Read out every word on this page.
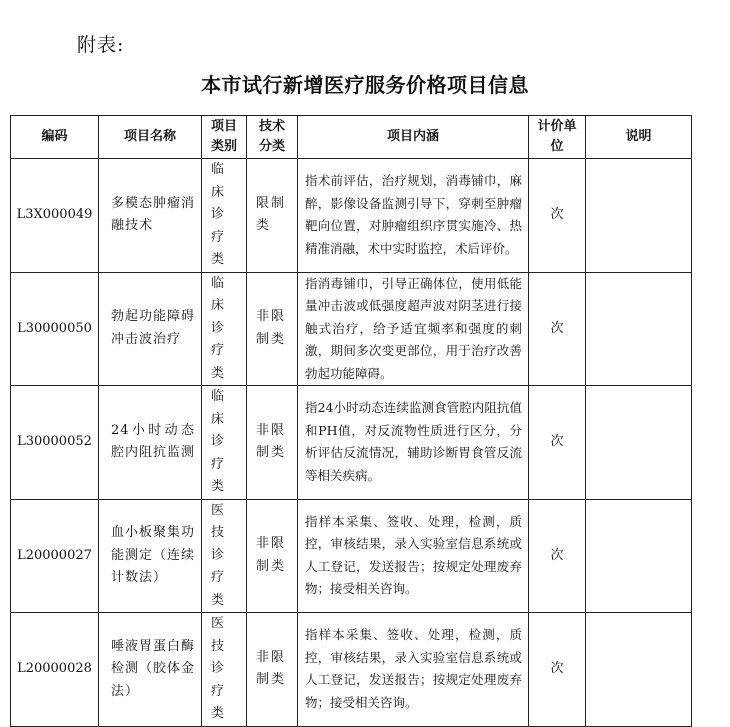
附表:
本市试行新增医疗服务价格项目信息
编码	项目名称	项目类别	技术分类	项目内涵	计价单位	说明
L3X000049	多模态肿瘤消融技术	临床诊疗类	限制类	指术前评估，治疗规划，消毒铺巾，麻醉，影像设备监测引导下，穿刺至肿瘤靶向位置，对肿瘤组织序贯实施冷、热精准消融，术中实时监控，术后评价。	次	
L30000050	勃起功能障碍冲击波治疗	临床诊疗类	非限制类	指消毒铺巾，引导正确体位，使用低能量冲击波或低强度超声波对阴茎进行接触式治疗，给予适宜频率和强度的刺激，期间多次变更部位，用于治疗改善勃起功能障碍。	次	
L30000052	24小时动态腔内阻抗监测	临床诊疗类	非限制类	指24小时动态连续监测食管腔内阻抗值和PH值，对反流物性质进行区分，分析评估反流情况，辅助诊断胃食管反流等相关疾病。	次	
L20000027	血小板聚集功能测定（连续计数法）	医技诊疗类	非限制类	指样本采集、签收、处理，检测，质控，审核结果，录入实验室信息系统或人工登记，发送报告；按规定处理废弃物；接受相关咨询。	次	
L20000028	唾液胃蛋白酶检测（胶体金法）	医技诊疗类	非限制类	指样本采集、签收、处理，检测，质控，审核结果，录入实验室信息系统或人工登记，发送报告；按规定处理废弃物；接受相关咨询。	次	
